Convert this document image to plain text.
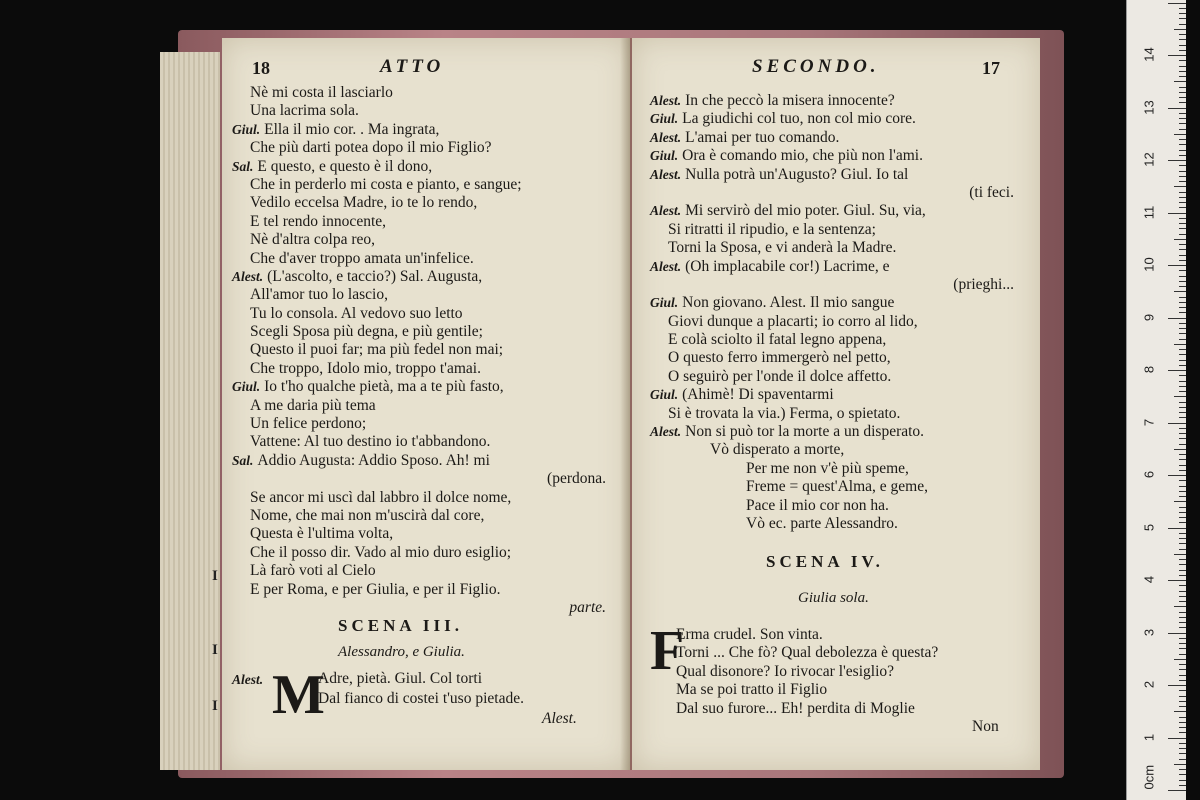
I
I
I
18	ATTO
Nè mi costa il lasciarlo
Una lacrima sola.
Giul. Ella il mio cor. . Ma ingrata,
Che più darti potea dopo il mio Figlio?
Sal. E questo, e questo è il dono,
Che in perderlo mi costa e pianto, e sangue;
Vedilo eccelsa Madre, io te lo rendo,
E tel rendo innocente,
Nè d'altra colpa reo,
Che d'aver troppo amata un'infelice.
Alest. (L'ascolto, e taccio?) Sal. Augusta,
All'amor tuo lo lascio,
Tu lo consola. Al vedovo suo letto
Scegli Sposa più degna, e più gentile;
Questo il puoi far; ma più fedel non mai;
Che troppo, Idolo mio, troppo t'amai.
Giul. Io t'ho qualche pietà, ma a te più fasto,
A me daria più tema
Un felice perdono;
Vattene: Al tuo destino io t'abbandono.
Sal. Addio Augusta: Addio Sposo. Ah! mi
(perdona.
Se ancor mi uscì dal labbro il dolce nome,
Nome, che mai non m'uscirà dal core,
Questa è l'ultima volta,
Che il posso dir. Vado al mio duro esiglio;
Là farò voti al Cielo
E per Roma, e per Giulia, e per il Figlio.
parte.
SCENA III.
Alessandro, e Giulia.
Alest. M
Adre, pietà. Giul. Col torti
Dal fianco di costei t'uso pietade.
Alest.
SECONDO.	17
Alest. In che peccò la misera innocente?
Giul. La giudichi col tuo, non col mio core.
Alest. L'amai per tuo comando.
Giul. Ora è comando mio, che più non l'ami.
Alest. Nulla potrà un'Augusto? Giul. Io tal
(ti feci.
Alest. Mi servirò del mio poter. Giul. Su, via,
Si ritratti il ripudio, e la sentenza;
Torni la Sposa, e vi anderà la Madre.
Alest. (Oh implacabile cor!) Lacrime, e
(prieghi...
Giul. Non giovano. Alest. Il mio sangue
Giovi dunque a placarti; io corro al lido,
E colà sciolto il fatal legno appena,
O questo ferro immergerò nel petto,
O seguirò per l'onde il dolce affetto.
Giul. (Ahimè! Di spaventarmi
Si è trovata la via.) Ferma, o spietato.
Alest. Non si può tor la morte a un disperato.
Vò disperato a morte,
Per me non v'è più speme,
Freme = quest'Alma, e geme,
Pace il mio cor non ha.
Vò ec. parte Alessandro.
SCENA IV.
Giulia sola.
F
Erma crudel. Son vinta.
Torni ... Che fò? Qual debolezza è questa?
Qual disonore? Io rivocar l'esiglio?
Ma se poi tratto il Figlio
Dal suo furore... Eh! perdita di Moglie
Non
0cm
1
2
3
4
5
6
7
8
9
10
11
12
13
14
